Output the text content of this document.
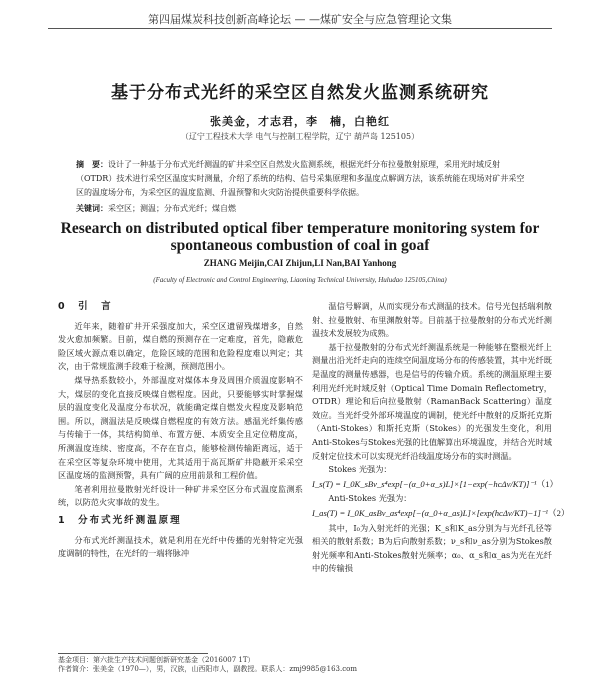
第四届煤炭科技创新高峰论坛 — —煤矿安全与应急管理论文集
基于分布式光纤的采空区自然发火监测系统研究
张美金，才志君，李　楠，白艳红
（辽宁工程技术大学 电气与控制工程学院，辽宁 葫芦岛 125105）
摘　要：设计了一种基于分布式光纤测温的矿井采空区自然发火监测系统，根据光纤分布拉曼散射原理，采用光时域反射（OTDR）技术进行采空区温度实时测量，介绍了系统的结构、信号采集原理和多温度点解调方法，该系统能在现场对矿井采空区的温度场分布，为采空区的温度监测、升温预警和火灾防治提供重要科学依据。
关键词：采空区；测温；分布式光纤；煤自燃
Research on distributed optical fiber temperature monitoring system for spontaneous combustion of coal in goaf
ZHANG Meijin,CAI Zhijun,LI Nan,BAI Yanhong
(Faculty of Electronic and Control Engineering, Liaoning Technical University, Huludao 125105,China)

0　引　言

近年来，随着矿井开采强度加大，采空区遗留残煤增多，自然发火愈加频繁。目前，煤自燃的预测存在一定难度，首先，隐蔽危险区域火源点难以确定，危险区域的范围和危险程度难以判定；其次，由于常规监测手段难于检测，预测范围小。

煤导热系数较小，外部温度对煤体本身及周围介质温度影响不大，煤层的变化直接反映煤自燃程度。因此，只要能够实时掌握煤层的温度变化及温度分布状况，就能确定煤自燃发火程度及影响范围。所以，测温法是反映煤自燃程度的有效方法。感温光纤集传感与传输于一体，其结构简单、布置方便、本质安全且定位精度高，所测温度连续、密度高，不存在盲点，能够检测传输距离远，适于在采空区等复杂环境中使用，尤其适用于高瓦斯矿井隐蔽开采采空区温度场的监测预警，具有广阔的应用前景和工程价值。

笔者利用拉曼散射光纤设计一种矿井采空区分布式温度监测系统，以防范火灾事故的发生。

1　分布式光纤测温原理

分布式光纤测温技术，就是利用在光纤中传播的光射特定光强度调制的特性，在光纤的一端将脉冲

温信号解调，从而实现分布式测温的技术。信号光包括瑞利散射、拉曼散射、布里渊散射等。目前基于拉曼散射的分布式光纤测温技术发展较为成熟。

基于拉曼散射的分布式光纤测温系统是一种能够在整根光纤上测量出沿光纤走向的连续空间温度场分布的传感装置，其中光纤既是温度的测量传感器，也是信号的传输介质。系统的测温原理主要利用光纤光时域反射（Optical Time Domain Reflectometry，OTDR）理论和后向拉曼散射（RamanBack Scattering）温度效应。当光纤受外部环境温度的调制，使光纤中散射的反斯托克斯（Anti-Stokes）和斯托克斯（Stokes）的光强发生变化，利用Anti-Stokes与Stokes光强的比值解算出环境温度，并结合光时域反射定位技术可以实现光纤沿线温度场分布的实时测温。

Stokes 光强为：

I_s(T) = I_0K_sBν_s⁴exp[−(α_0+α_s)L]×[1−exp(−hcΔν/KT)]⁻¹ （1）

Anti-Stokes 光强为：

I_as(T) = I_0K_asBν_as⁴exp[−(α_0+α_as)L]×[exp(hcΔν/KT)−1]⁻¹ （2）

其中，I₀为入射光纤的光强；K_s和K_as分别为与光纤孔径等相关的散射系数；B为后向散射系数；ν_s和ν_as分别为Stokes散射光频率和Anti-Stokes散射光频率；α₀、α_s和α_as为光在光纤中的传输损

基金项目：第六批生产技术问题创新研究基金（2016007 1T）
作者简介：张美金（1970—），男，汉族，山西阳市人，副教授。联系人：zmj9985@163.com
